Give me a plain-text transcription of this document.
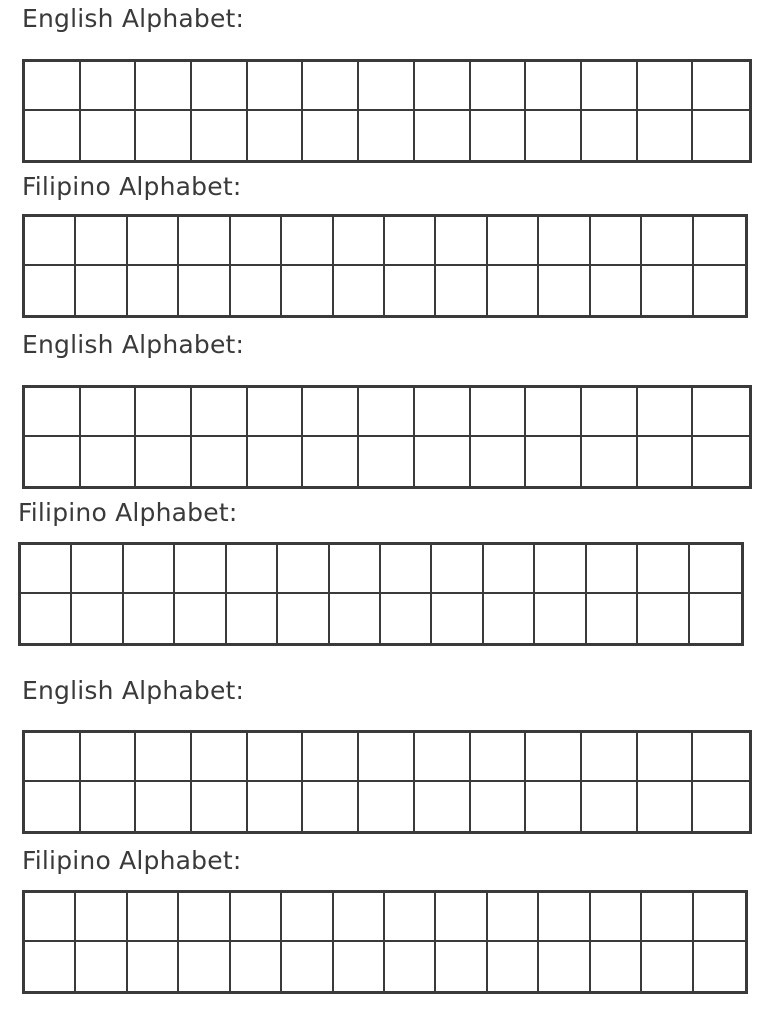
English Alphabet:
Filipino Alphabet:
English Alphabet:
Filipino Alphabet:
English Alphabet:
Filipino Alphabet:
